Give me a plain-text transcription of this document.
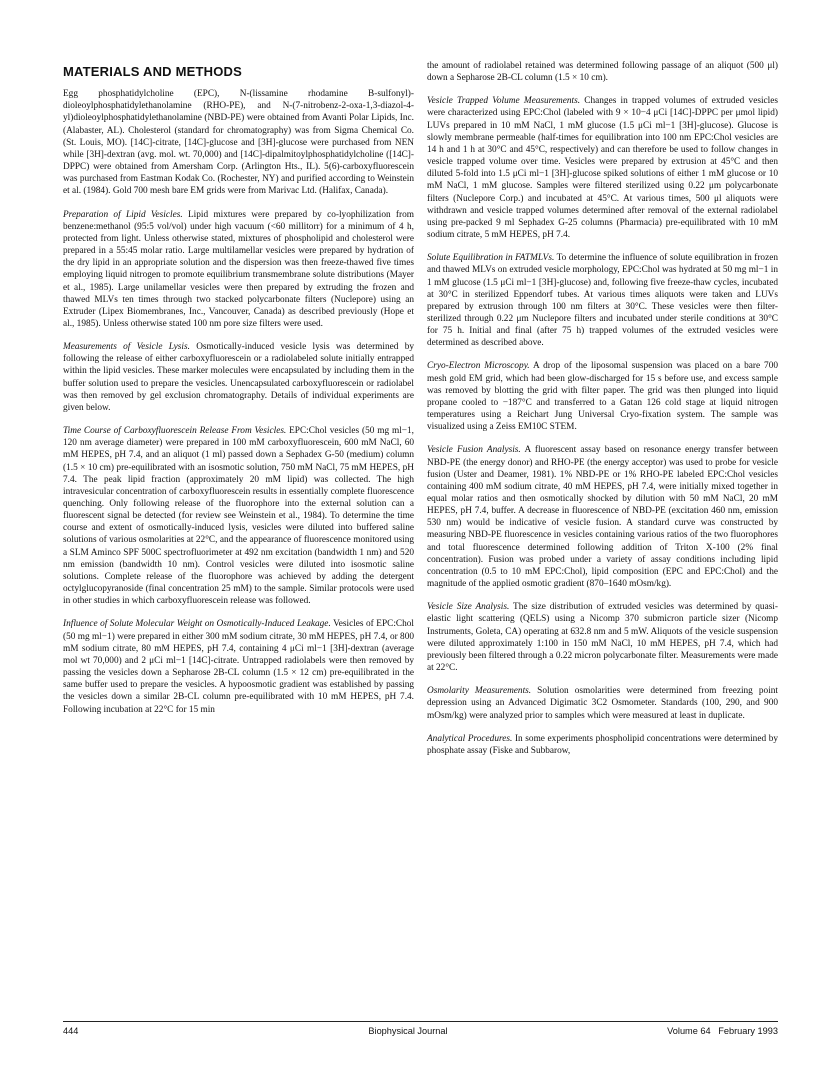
MATERIALS AND METHODS

Egg phosphatidylcholine (EPC), N-(lissamine rhodamine B-sulfonyl)-dioleoylphosphatidylethanolamine (RHO-PE), and N-(7-nitrobenz-2-oxa-1,3-diazol-4-yl)dioleoylphosphatidylethanolamine (NBD-PE) were obtained from Avanti Polar Lipids, Inc. (Alabaster, AL). Cholesterol (standard for chromatography) was from Sigma Chemical Co. (St. Louis, MO). [14C]-citrate, [14C]-glucose and [3H]-glucose were purchased from NEN while [3H]-dextran (avg. mol. wt. 70,000) and [14C]-dipalmitoylphosphatidylcholine ([14C]-DPPC) were obtained from Amersham Corp. (Arlington Hts., IL). 5(6)-carboxyfluorescein was purchased from Eastman Kodak Co. (Rochester, NY) and purified according to Weinstein et al. (1984). Gold 700 mesh bare EM grids were from Marivac Ltd. (Halifax, Canada).

Preparation of Lipid Vesicles. Lipid mixtures were prepared by co-lyophilization from benzene:methanol (95:5 vol/vol) under high vacuum (<60 millitorr) for a minimum of 4 h, protected from light. Unless otherwise stated, mixtures of phospholipid and cholesterol were prepared in a 55:45 molar ratio. Large multilamellar vesicles were prepared by hydration of the dry lipid in an appropriate solution and the dispersion was then freeze-thawed five times employing liquid nitrogen to promote equilibrium transmembrane solute distributions (Mayer et al., 1985). Large unilamellar vesicles were then prepared by extruding the frozen and thawed MLVs ten times through two stacked polycarbonate filters (Nuclepore) using an Extruder (Lipex Biomembranes, Inc., Vancouver, Canada) as described previously (Hope et al., 1985). Unless otherwise stated 100 nm pore size filters were used.

Measurements of Vesicle Lysis. Osmotically-induced vesicle lysis was determined by following the release of either carboxyfluorescein or a radiolabeled solute initially entrapped within the lipid vesicles. These marker molecules were encapsulated by including them in the buffer solution used to prepare the vesicles. Unencapsulated carboxyfluorescein or radiolabel was then removed by gel exclusion chromatography. Details of individual experiments are given below.

Time Course of Carboxyfluorescein Release From Vesicles. EPC:Chol vesicles (50 mg ml−1, 120 nm average diameter) were prepared in 100 mM carboxyfluorescein, 600 mM NaCl, 60 mM HEPES, pH 7.4, and an aliquot (1 ml) passed down a Sephadex G-50 (medium) column (1.5 × 10 cm) pre-equilibrated with an isosmotic solution, 750 mM NaCl, 75 mM HEPES, pH 7.4. The peak lipid fraction (approximately 20 mM lipid) was collected. The high intravesicular concentration of carboxyfluorescein results in essentially complete fluorescence quenching. Only following release of the fluorophore into the external solution can a fluorescent signal be detected (for review see Weinstein et al., 1984). To determine the time course and extent of osmotically-induced lysis, vesicles were diluted into buffered saline solutions of various osmolarities at 22°C, and the appearance of fluorescence monitored using a SLM Aminco SPF 500C spectrofluorimeter at 492 nm excitation (bandwidth 1 nm) and 520 nm emission (bandwidth 10 nm). Control vesicles were diluted into isosmotic saline solutions. Complete release of the fluorophore was achieved by adding the detergent octylglucopyranoside (final concentration 25 mM) to the sample. Similar protocols were used in other studies in which carboxyfluorescein release was followed.

Influence of Solute Molecular Weight on Osmotically-Induced Leakage. Vesicles of EPC:Chol (50 mg ml−1) were prepared in either 300 mM sodium citrate, 30 mM HEPES, pH 7.4, or 800 mM sodium citrate, 80 mM HEPES, pH 7.4, containing 4 μCi ml−1 [3H]-dextran (average mol wt 70,000) and 2 μCi ml−1 [14C]-citrate. Untrapped radiolabels were then removed by passing the vesicles down a Sepharose 2B-CL column (1.5 × 12 cm) pre-equilibrated in the same buffer used to prepare the vesicles. A hypoosmotic gradient was established by passing the vesicles down a similar 2B-CL column pre-equilibrated with 10 mM HEPES, pH 7.4. Following incubation at 22°C for 15 min

the amount of radiolabel retained was determined following passage of an aliquot (500 μl) down a Sepharose 2B-CL column (1.5 × 10 cm).

Vesicle Trapped Volume Measurements. Changes in trapped volumes of extruded vesicles were characterized using EPC:Chol (labeled with 9 × 10−4 μCi [14C]-DPPC per μmol lipid) LUVs prepared in 10 mM NaCl, 1 mM glucose (1.5 μCi ml−1 [3H]-glucose). Glucose is slowly membrane permeable (half-times for equilibration into 100 nm EPC:Chol vesicles are 14 h and 1 h at 30°C and 45°C, respectively) and can therefore be used to follow changes in vesicle trapped volume over time. Vesicles were prepared by extrusion at 45°C and then diluted 5-fold into 1.5 μCi ml−1 [3H]-glucose spiked solutions of either 1 mM glucose or 10 mM NaCl, 1 mM glucose. Samples were filtered sterilized using 0.22 μm polycarbonate filters (Nuclepore Corp.) and incubated at 45°C. At various times, 500 μl aliquots were withdrawn and vesicle trapped volumes determined after removal of the external radiolabel using pre-packed 9 ml Sephadex G-25 columns (Pharmacia) pre-equilibrated with 10 mM sodium citrate, 5 mM HEPES, pH 7.4.

Solute Equilibration in FATMLVs. To determine the influence of solute equilibration in frozen and thawed MLVs on extruded vesicle morphology, EPC:Chol was hydrated at 50 mg ml−1 in 1 mM glucose (1.5 μCi ml−1 [3H]-glucose) and, following five freeze-thaw cycles, incubated at 30°C in sterilized Eppendorf tubes. At various times aliquots were taken and LUVs prepared by extrusion through 100 nm filters at 30°C. These vesicles were then filter-sterilized through 0.22 μm Nuclepore filters and incubated under sterile conditions at 30°C for 75 h. Initial and final (after 75 h) trapped volumes of the extruded vesicles were determined as described above.

Cryo-Electron Microscopy. A drop of the liposomal suspension was placed on a bare 700 mesh gold EM grid, which had been glow-discharged for 15 s before use, and excess sample was removed by blotting the grid with filter paper. The grid was then plunged into liquid propane cooled to −187°C and transferred to a Gatan 126 cold stage at liquid nitrogen temperatures using a Reichart Jung Universal Cryo-fixation system. The sample was visualized using a Zeiss EM10C STEM.

Vesicle Fusion Analysis. A fluorescent assay based on resonance energy transfer between NBD-PE (the energy donor) and RHO-PE (the energy acceptor) was used to probe for vesicle fusion (Uster and Deamer, 1981). 1% NBD-PE or 1% RHO-PE labeled EPC:Chol vesicles containing 400 mM sodium citrate, 40 mM HEPES, pH 7.4, were initially mixed together in equal molar ratios and then osmotically shocked by dilution with 50 mM NaCl, 20 mM HEPES, pH 7.4, buffer. A decrease in fluorescence of NBD-PE (excitation 460 nm, emission 530 nm) would be indicative of vesicle fusion. A standard curve was constructed by measuring NBD-PE fluorescence in vesicles containing various ratios of the two fluorophores and total fluorescence determined following addition of Triton X-100 (2% final concentration). Fusion was probed under a variety of assay conditions including lipid concentration (0.5 to 10 mM EPC:Chol), lipid composition (EPC and EPC:Chol) and the magnitude of the applied osmotic gradient (870–1640 mOsm/kg).

Vesicle Size Analysis. The size distribution of extruded vesicles was determined by quasi-elastic light scattering (QELS) using a Nicomp 370 submicron particle sizer (Nicomp Instruments, Goleta, CA) operating at 632.8 nm and 5 mW. Aliquots of the vesicle suspension were diluted approximately 1:100 in 150 mM NaCl, 10 mM HEPES, pH 7.4, which had previously been filtered through a 0.22 micron polycarbonate filter. Measurements were made at 22°C.

Osmolarity Measurements. Solution osmolarities were determined from freezing point depression using an Advanced Digimatic 3C2 Osmometer. Standards (100, 290, and 900 mOsm/kg) were analyzed prior to samples which were measured at least in duplicate.

Analytical Procedures. In some experiments phospholipid concentrations were determined by phosphate assay (Fiske and Subbarow,

444	Biophysical Journal	Volume 64   February 1993
